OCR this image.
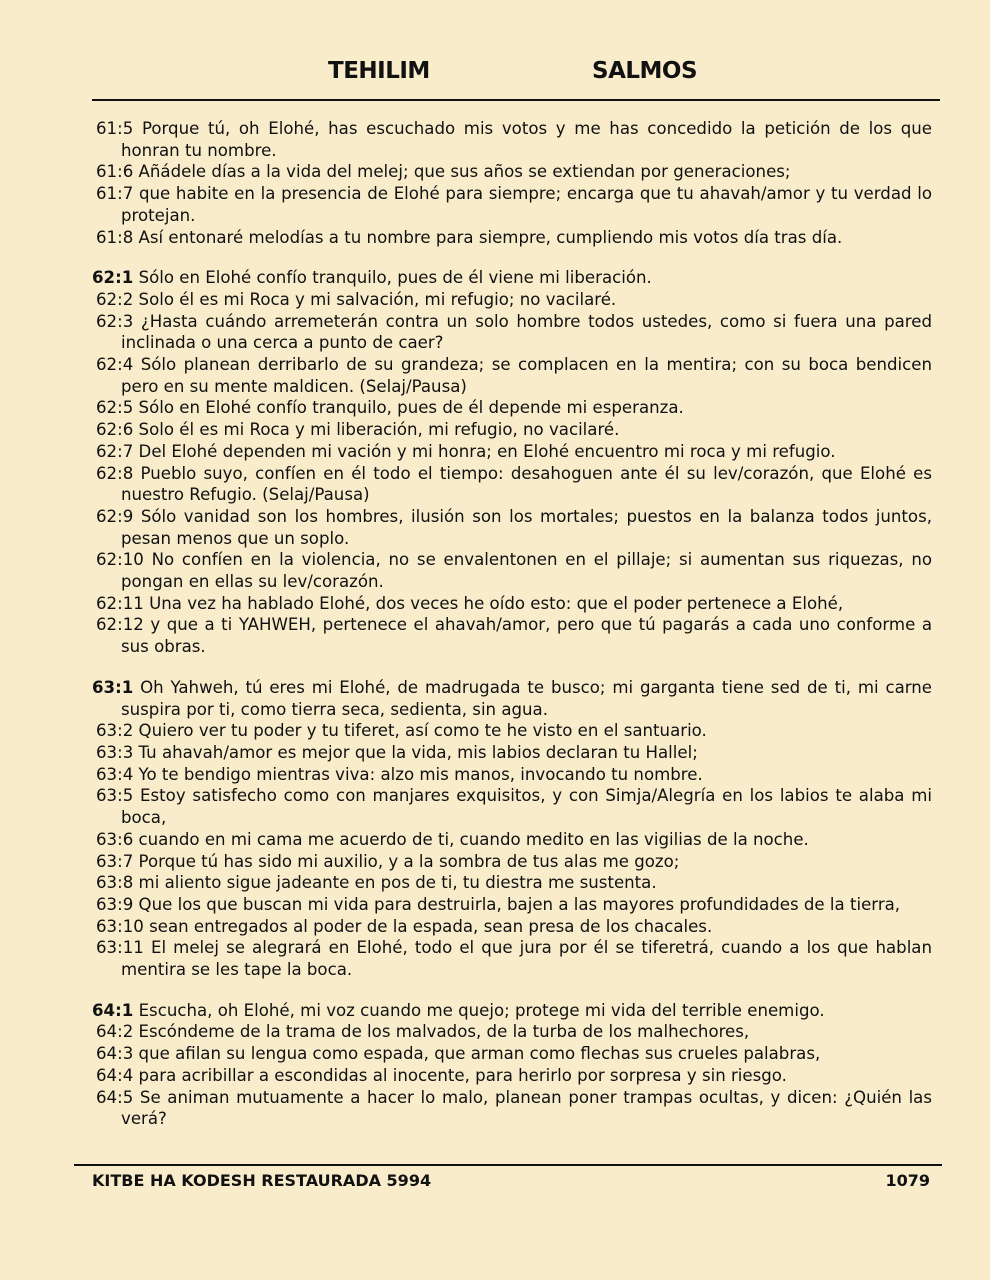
TEHILIM	SALMOS

61:5 Porque tú, oh Elohé, has escuchado mis votos y me has concedido la petición de los que honran tu nombre.

61:6 Añádele días a la vida del melej; que sus años se extiendan por generaciones;

61:7 que habite en la presencia de Elohé para siempre; encarga que tu ahavah/amor y tu verdad lo protejan.

61:8 Así entonaré melodías a tu nombre para siempre, cumpliendo mis votos día tras día.

62:1 Sólo en Elohé confío tranquilo, pues de él viene mi liberación.

62:2 Solo él es mi Roca y mi salvación, mi refugio; no vacilaré.

62:3 ¿Hasta cuándo arremeterán contra un solo hombre todos ustedes, como si fuera una pared inclinada o una cerca a punto de caer?

62:4 Sólo planean derribarlo de su grandeza; se complacen en la mentira; con su boca bendicen pero en su mente maldicen. (Selaj/Pausa)

62:5 Sólo en Elohé confío tranquilo, pues de él depende mi esperanza.

62:6 Solo él es mi Roca y mi liberación, mi refugio, no vacilaré.

62:7 Del Elohé dependen mi vación y mi honra; en Elohé encuentro mi roca y mi refugio.

62:8 Pueblo suyo, confíen en él todo el tiempo: desahoguen ante él su lev/corazón, que Elohé es nuestro Refugio. (Selaj/Pausa)

62:9 Sólo vanidad son los hombres, ilusión son los mortales; puestos en la balanza todos juntos, pesan menos que un soplo.

62:10 No confíen en la violencia, no se envalentonen en el pillaje; si aumentan sus riquezas, no pongan en ellas su lev/corazón.

62:11 Una vez ha hablado Elohé, dos veces he oído esto: que el poder pertenece a Elohé,

62:12 y que a ti YAHWEH, pertenece el ahavah/amor, pero que tú pagarás a cada uno conforme a sus obras.

63:1 Oh Yahweh, tú eres mi Elohé, de madrugada te busco; mi garganta tiene sed de ti, mi carne suspira por ti, como tierra seca, sedienta, sin agua.

63:2 Quiero ver tu poder y tu tiferet, así como te he visto en el santuario.

63:3 Tu ahavah/amor es mejor que la vida, mis labios declaran tu Hallel;

63:4 Yo te bendigo mientras viva: alzo mis manos, invocando tu nombre.

63:5 Estoy satisfecho como con manjares exquisitos, y con Simja/Alegría en los labios te alaba mi boca,

63:6 cuando en mi cama me acuerdo de ti, cuando medito en las vigilias de la noche.

63:7 Porque tú has sido mi auxilio, y a la sombra de tus alas me gozo;

63:8 mi aliento sigue jadeante en pos de ti, tu diestra me sustenta.

63:9 Que los que buscan mi vida para destruirla, bajen a las mayores profundidades de la tierra,

63:10 sean entregados al poder de la espada, sean presa de los chacales.

63:11 El melej se alegrará en Elohé, todo el que jura por él se tiferetrá, cuando a los que hablan mentira se les tape la boca.

64:1 Escucha, oh Elohé, mi voz cuando me quejo; protege mi vida del terrible enemigo.

64:2 Escóndeme de la trama de los malvados, de la turba de los malhechores,

64:3 que afilan su lengua como espada, que arman como flechas sus crueles palabras,

64:4 para acribillar a escondidas al inocente, para herirlo por sorpresa y sin riesgo.

64:5 Se animan mutuamente a hacer lo malo, planean poner trampas ocultas, y dicen: ¿Quién las verá?

KITBE HA KODESH RESTAURADA 5994	1079
